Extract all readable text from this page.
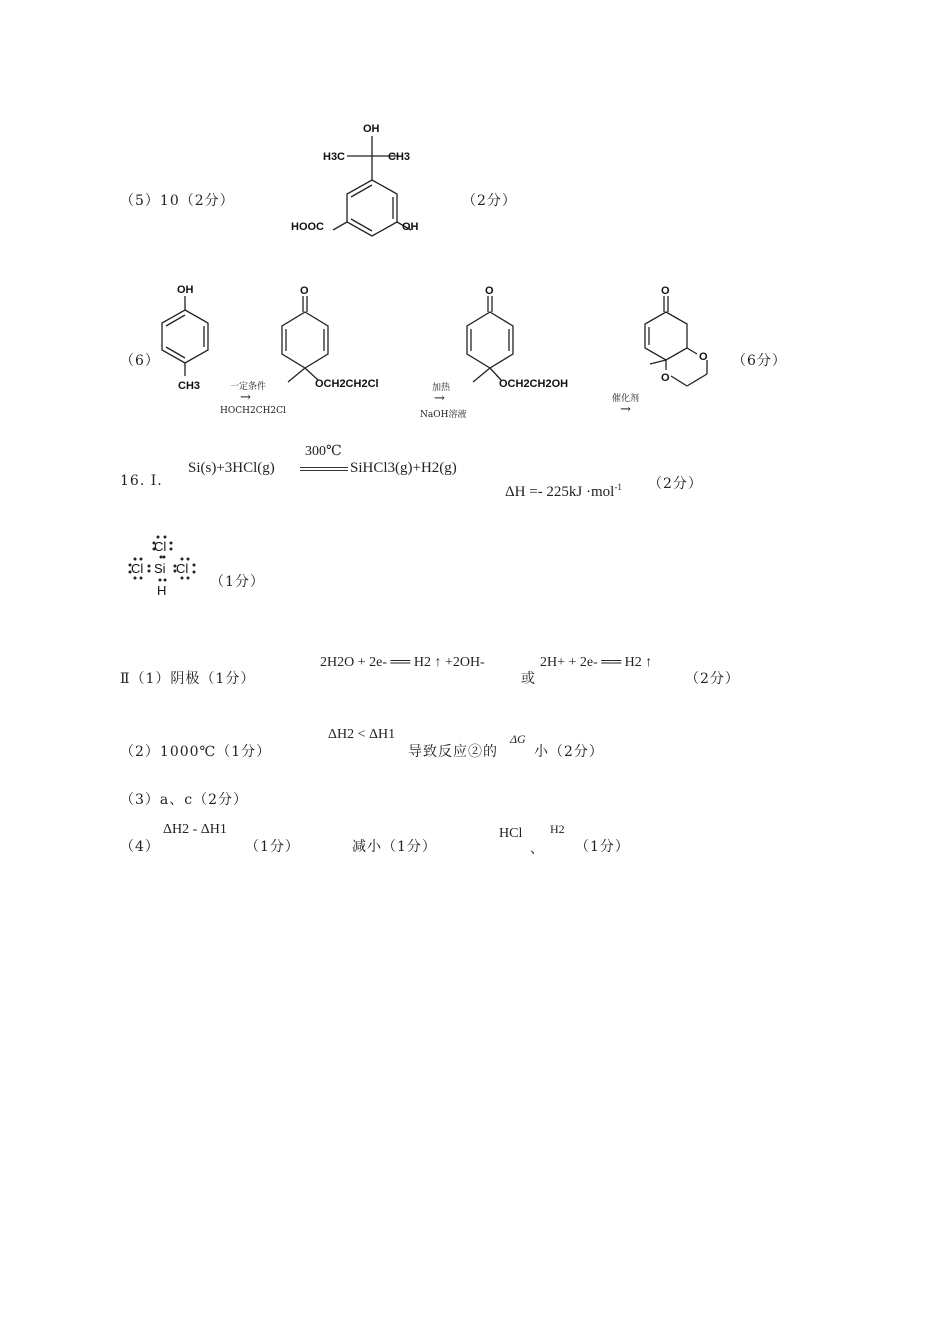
（5）10（2分）
OH
H3C	CH3
HOOC	OH
（2分）
（6）
OH
CH3	一定条件
→
HOCH2CH2Cl
O
OCH2CH2Cl	加热
→
NaOH溶液
O
OCH2CH2OH
催化剂
→
O
O
O
（6分）
16. Ⅰ.
Si(s)+3HCl(g)
300℃
SiHCl3(g)+H2(g)
ΔH =- 225kJ ·mol$^{-1}$ （2分）
Cl
Cl Si Cl
H
（1分）
Ⅱ（1）阴极（1分）
2H2O + 2e- ══ H2 ↑ +2OH-
或
2H+ + 2e- ══ H2 ↑
（2分）
（2）1000℃（1分）
ΔH2 < ΔH1
导致反应②的
ΔG
小（2分）
（3）a、c（2分）
（4）
ΔH2 - ΔH1
（1分）	减小（1分）
HCl
、
H2
（1分）
